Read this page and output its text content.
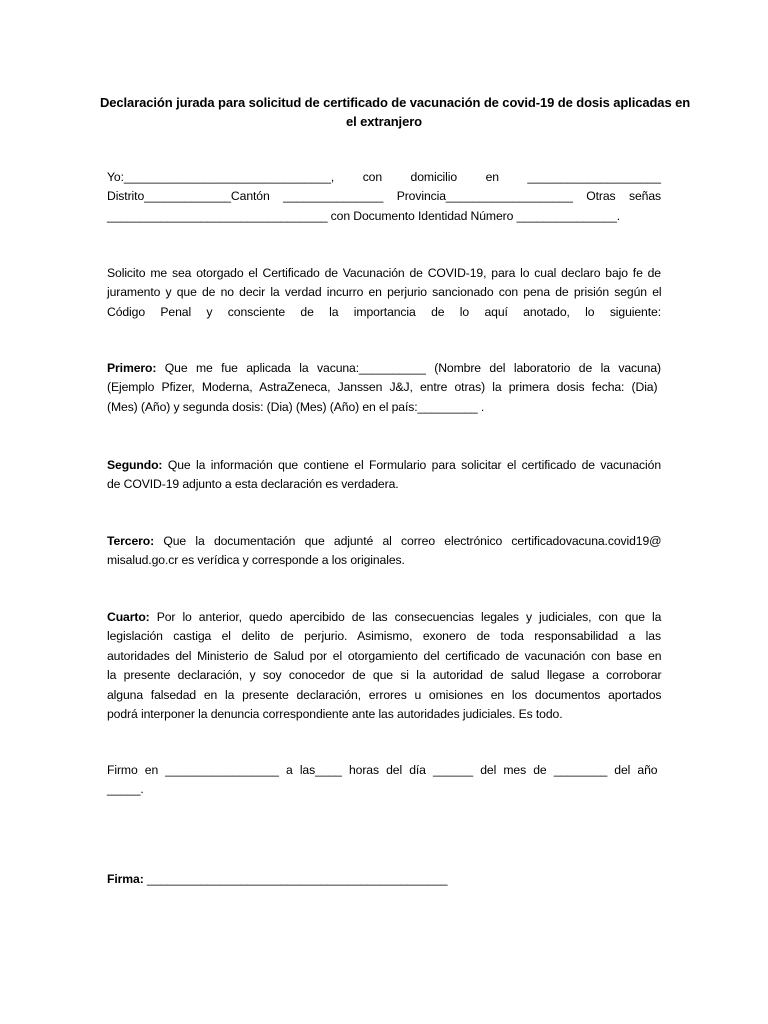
Declaración jurada para solicitud de certificado de vacunación de covid-19 de dosis aplicadas en
el extranjero
Yo:_______________________________, con domicilio en ____________________
Distrito_____________Cantón _______________ Provincia___________________ Otras señas
_________________________________ con Documento Identidad Número _______________.
Solicito me sea otorgado el Certificado de Vacunación de COVID-19, para lo cual declaro bajo fe de
juramento y que de no decir la verdad incurro en perjurio sancionado con pena de prisión según el
Código Penal y consciente de la importancia de lo aquí anotado, lo siguiente:
Primero: Que me fue aplicada la vacuna:__________ (Nombre del laboratorio de la vacuna)
(Ejemplo Pfizer, Moderna, AstraZeneca, Janssen J&J, entre otras) la primera dosis fecha: (Dia)
(Mes) (Año) y segunda dosis: (Dia) (Mes) (Año) en el país:_________ .
Segundo: Que la información que contiene el Formulario para solicitar el certificado de vacunación
de COVID-19 adjunto a esta declaración es verdadera.
Tercero: Que la documentación que adjunté al correo electrónico certificadovacuna.covid19@
misalud.go.cr es verídica y corresponde a los originales.
Cuarto: Por lo anterior, quedo apercibido de las consecuencias legales y judiciales, con que la
legislación castiga el delito de perjurio. Asimismo, exonero de toda responsabilidad a las
autoridades del Ministerio de Salud por el otorgamiento del certificado de vacunación con base en
la presente declaración, y soy conocedor de que si la autoridad de salud llegase a corroborar
alguna falsedad en la presente declaración, errores u omisiones en los documentos aportados
podrá interponer la denuncia correspondiente ante las autoridades judiciales. Es todo.
Firmo en _________________ a las____ horas del día ______ del mes de ________ del año
_____.
Firma: _____________________________________________
